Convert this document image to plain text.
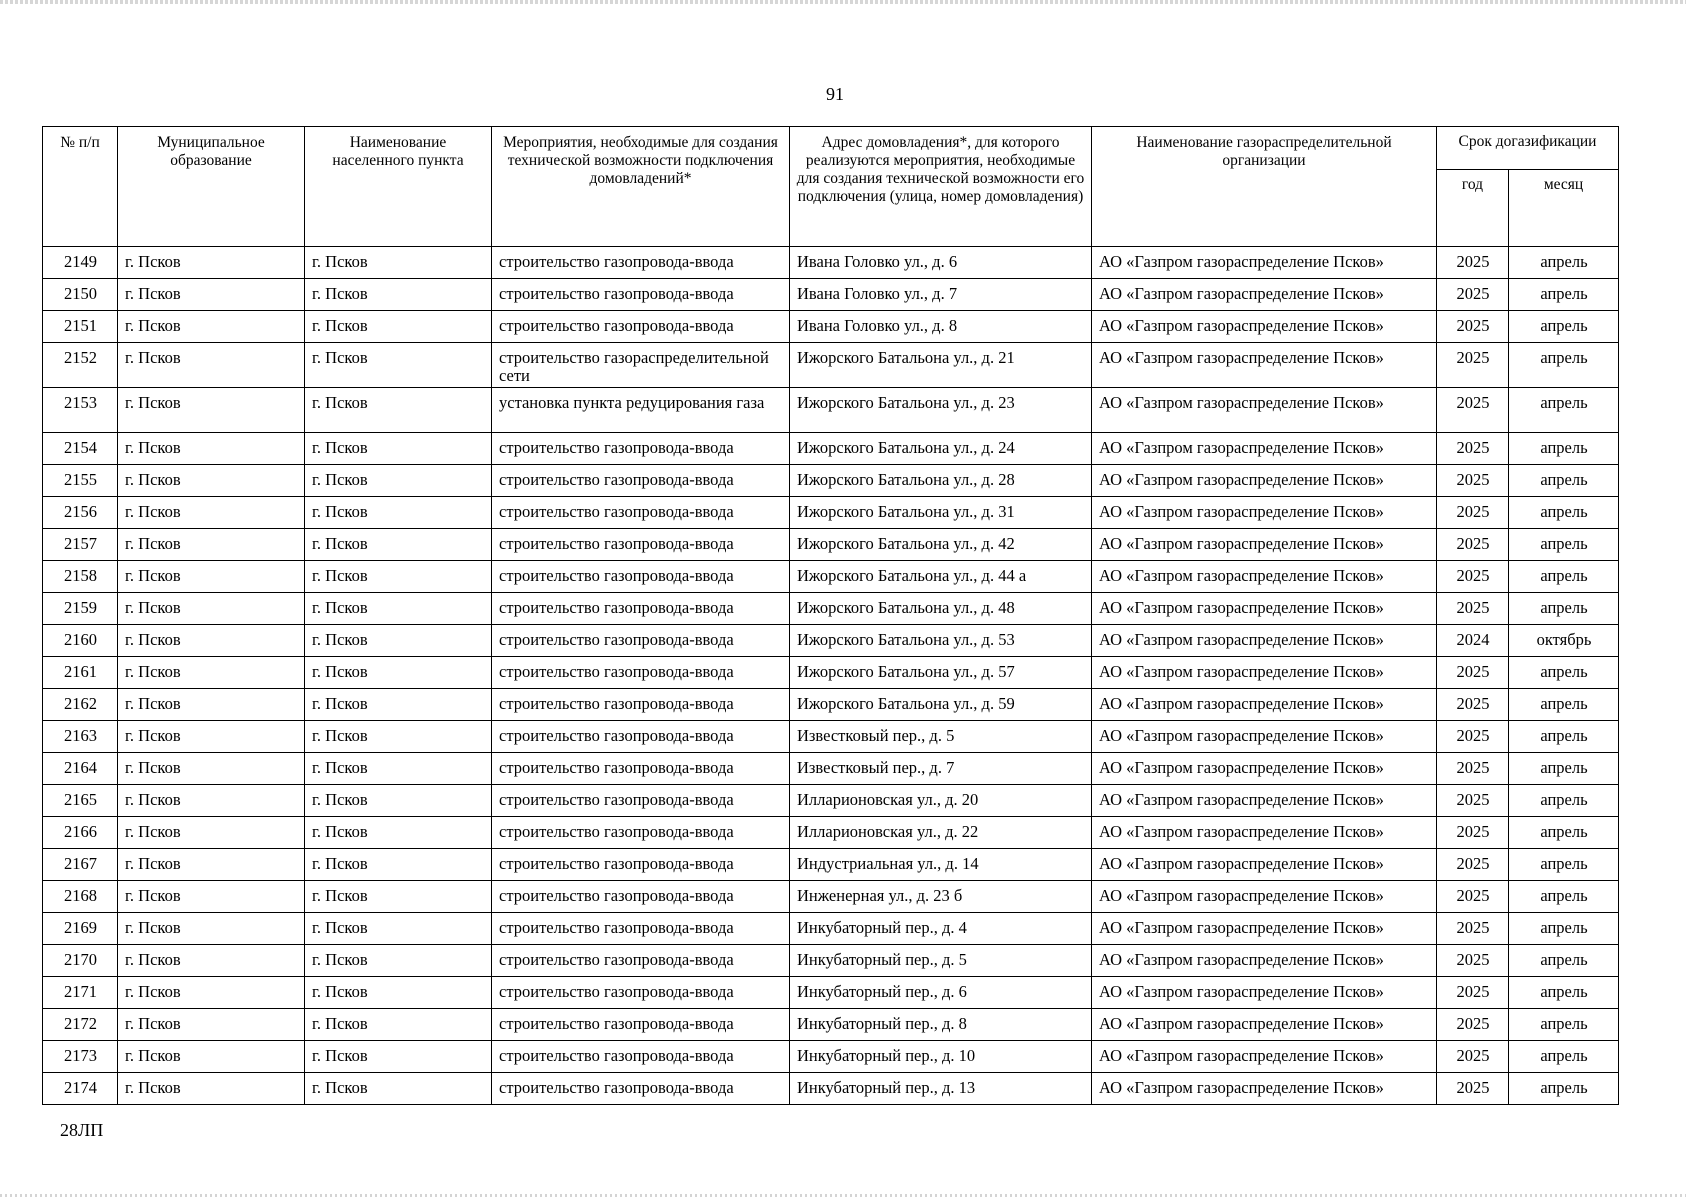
91
№ п/п	Муниципальное образование	Наименование населенного пункта	Мероприятия, необходимые для создания технической возможности подключения домовладений*	Адрес домовладения*, для которого реализуются мероприятия, необходимые для создания технической возможности его подключения (улица, номер домовладения)	Наименование газораспределительной организации	Срок догазификации	
						год	месяц
2149	г. Псков	г. Псков	строительство газопровода-ввода	Ивана Головко ул., д. 6	АО «Газпром газораспределение Псков»	2025	апрель
2150	г. Псков	г. Псков	строительство газопровода-ввода	Ивана Головко ул., д. 7	АО «Газпром газораспределение Псков»	2025	апрель
2151	г. Псков	г. Псков	строительство газопровода-ввода	Ивана Головко ул., д. 8	АО «Газпром газораспределение Псков»	2025	апрель
2152	г. Псков	г. Псков	строительство газораспределительной сети	Ижорского Батальона ул., д. 21	АО «Газпром газораспределение Псков»	2025	апрель
2153	г. Псков	г. Псков	установка пункта редуцирования газа	Ижорского Батальона ул., д. 23	АО «Газпром газораспределение Псков»	2025	апрель
2154	г. Псков	г. Псков	строительство газопровода-ввода	Ижорского Батальона ул., д. 24	АО «Газпром газораспределение Псков»	2025	апрель
2155	г. Псков	г. Псков	строительство газопровода-ввода	Ижорского Батальона ул., д. 28	АО «Газпром газораспределение Псков»	2025	апрель
2156	г. Псков	г. Псков	строительство газопровода-ввода	Ижорского Батальона ул., д. 31	АО «Газпром газораспределение Псков»	2025	апрель
2157	г. Псков	г. Псков	строительство газопровода-ввода	Ижорского Батальона ул., д. 42	АО «Газпром газораспределение Псков»	2025	апрель
2158	г. Псков	г. Псков	строительство газопровода-ввода	Ижорского Батальона ул., д. 44 а	АО «Газпром газораспределение Псков»	2025	апрель
2159	г. Псков	г. Псков	строительство газопровода-ввода	Ижорского Батальона ул., д. 48	АО «Газпром газораспределение Псков»	2025	апрель
2160	г. Псков	г. Псков	строительство газопровода-ввода	Ижорского Батальона ул., д. 53	АО «Газпром газораспределение Псков»	2024	октябрь
2161	г. Псков	г. Псков	строительство газопровода-ввода	Ижорского Батальона ул., д. 57	АО «Газпром газораспределение Псков»	2025	апрель
2162	г. Псков	г. Псков	строительство газопровода-ввода	Ижорского Батальона ул., д. 59	АО «Газпром газораспределение Псков»	2025	апрель
2163	г. Псков	г. Псков	строительство газопровода-ввода	Известковый пер., д. 5	АО «Газпром газораспределение Псков»	2025	апрель
2164	г. Псков	г. Псков	строительство газопровода-ввода	Известковый пер., д. 7	АО «Газпром газораспределение Псков»	2025	апрель
2165	г. Псков	г. Псков	строительство газопровода-ввода	Илларионовская ул., д. 20	АО «Газпром газораспределение Псков»	2025	апрель
2166	г. Псков	г. Псков	строительство газопровода-ввода	Илларионовская ул., д. 22	АО «Газпром газораспределение Псков»	2025	апрель
2167	г. Псков	г. Псков	строительство газопровода-ввода	Индустриальная ул., д. 14	АО «Газпром газораспределение Псков»	2025	апрель
2168	г. Псков	г. Псков	строительство газопровода-ввода	Инженерная ул., д. 23 б	АО «Газпром газораспределение Псков»	2025	апрель
2169	г. Псков	г. Псков	строительство газопровода-ввода	Инкубаторный пер., д. 4	АО «Газпром газораспределение Псков»	2025	апрель
2170	г. Псков	г. Псков	строительство газопровода-ввода	Инкубаторный пер., д. 5	АО «Газпром газораспределение Псков»	2025	апрель
2171	г. Псков	г. Псков	строительство газопровода-ввода	Инкубаторный пер., д. 6	АО «Газпром газораспределение Псков»	2025	апрель
2172	г. Псков	г. Псков	строительство газопровода-ввода	Инкубаторный пер., д. 8	АО «Газпром газораспределение Псков»	2025	апрель
2173	г. Псков	г. Псков	строительство газопровода-ввода	Инкубаторный пер., д. 10	АО «Газпром газораспределение Псков»	2025	апрель
2174	г. Псков	г. Псков	строительство газопровода-ввода	Инкубаторный пер., д. 13	АО «Газпром газораспределение Псков»	2025	апрель
28ЛП
